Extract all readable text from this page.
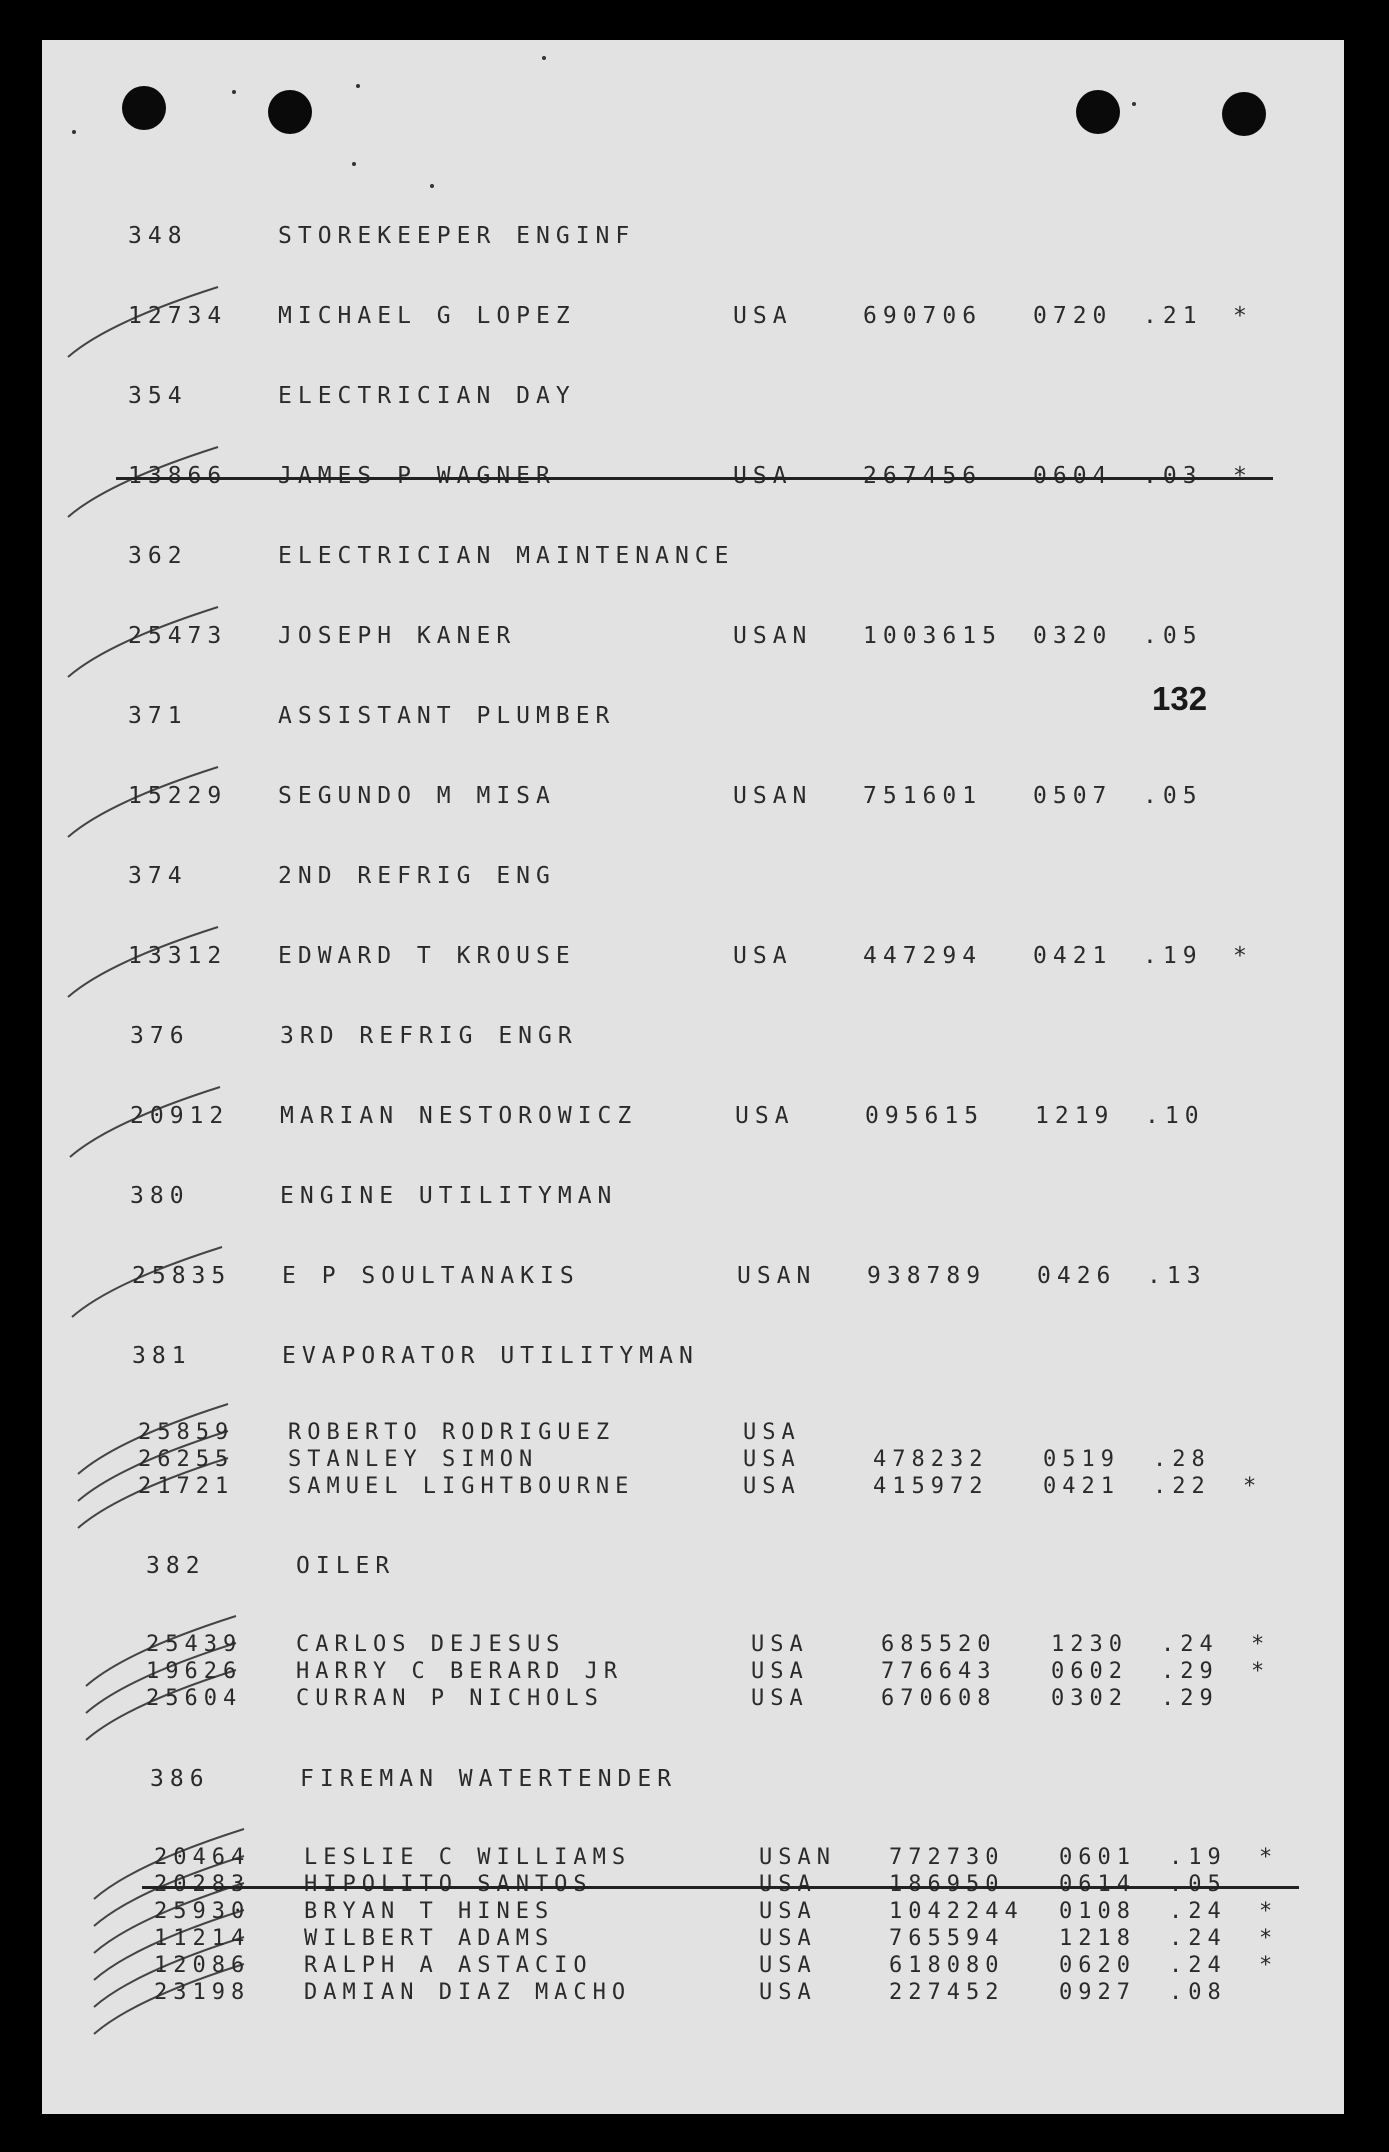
132
348	STOREKEEPER ENGINF
12734 MICHAEL G LOPEZ	USA	690706 0720 .21 *
354	ELECTRICIAN DAY
13866 JAMES P WAGNER	USA	267456 0604 .03 *
362	ELECTRICIAN MAINTENANCE
25473 JOSEPH KANER	USAN 1003615 0320 .05
371	ASSISTANT PLUMBER
15229 SEGUNDO M MISA	USAN 751601 0507 .05
374	2ND REFRIG ENG
13312 EDWARD T KROUSE	USA	447294 0421 .19 *
376	3RD REFRIG ENGR
20912 MARIAN NESTOROWICZ	USA	095615 1219 .10
380	ENGINE UTILITYMAN
25835 E P SOULTANAKIS	USAN 938789 0426 .13
381	EVAPORATOR UTILITYMAN
25859 ROBERTO RODRIGUEZ	USA
26255 STANLEY SIMON	USA	478232 0519 .28
21721 SAMUEL LIGHTBOURNE	USA	415972 0421 .22 *
382	OILER
25439 CARLOS DEJESUS	USA	685520 1230 .24 *
19626 HARRY C BERARD JR	USA	776643 0602 .29 *
25604 CURRAN P NICHOLS	USA	670608 0302 .29
386	FIREMAN WATERTENDER
20464 LESLIE C WILLIAMS	USAN 772730 0601 .19 *
20283 HIPOLITO SANTOS	USA	186950 0614 .05
25930 BRYAN T HINES	USA	1042244 0108 .24 *
11214 WILBERT ADAMS	USA	765594 1218 .24 *
12086 RALPH A ASTACIO	USA	618080 0620 .24 *
23198 DAMIAN DIAZ MACHO	USA	227452 0927 .08
